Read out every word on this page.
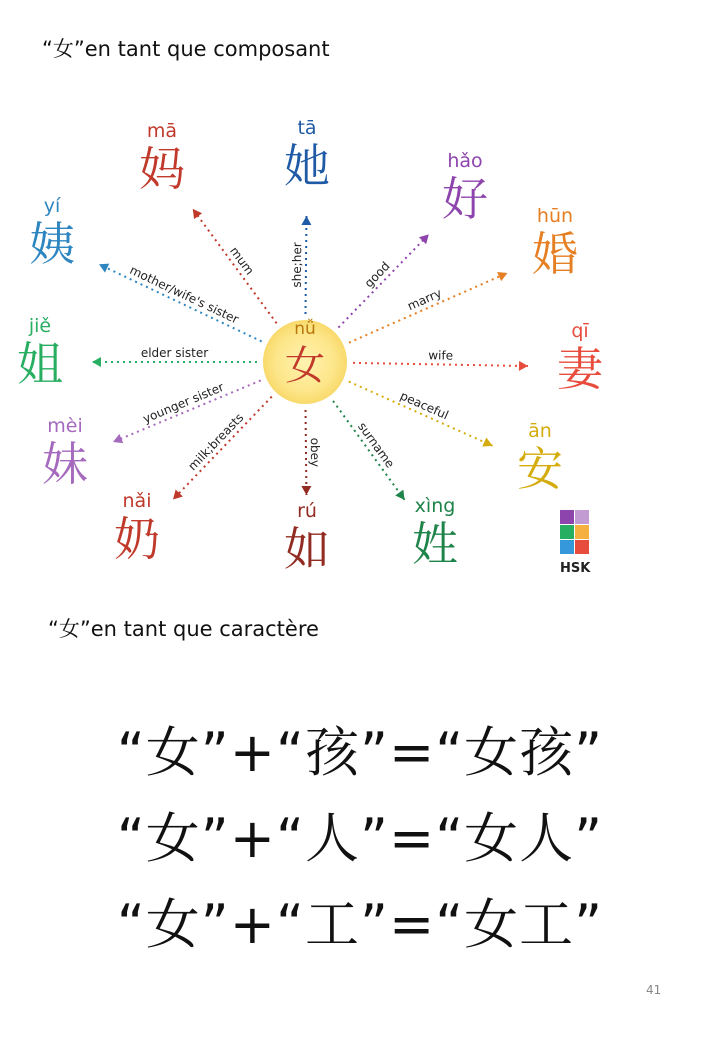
“女”en tant que composant
mum	she;her	good
marry
wife
peaceful
surname
obey
milk;breasts
younger sister
elder sister
mother/wife's sister
nǚ
女
mā
妈
tā
她	hǎo
好	hūn
婚
qī
妻
ān
安
xìng
姓
rú
如
nǎi
奶
mèi
妹
jiě
姐
yí
姨
HSK
“女”en tant que caractère
“女”+“孩”=“女孩”
“女”+“人”=“女人”
“女”+“工”=“女工”
41
